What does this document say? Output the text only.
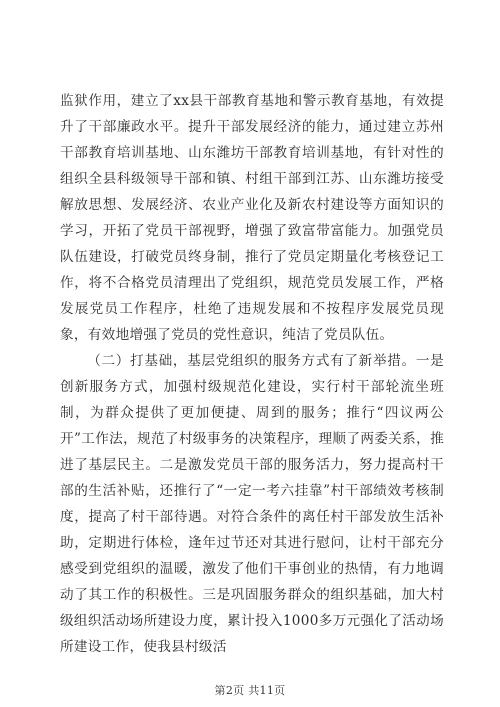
监狱作用，建立了xx县干部教育基地和警示教育基地，有效提升了干部廉政水平。提升干部发展经济的能力，通过建立苏州干部教育培训基地、山东潍坊干部教育培训基地，有针对性的组织全县科级领导干部和镇、村组干部到江苏、山东潍坊接受解放思想、发展经济、农业产业化及新农村建设等方面知识的学习，开拓了党员干部视野，增强了致富带富能力。加强党员队伍建设，打破党员终身制，推行了党员定期量化考核登记工作，将不合格党员清理出了党组织，规范党员发展工作，严格发展党员工作程序，杜绝了违规发展和不按程序发展党员现象，有效地增强了党员的党性意识，纯洁了党员队伍。

（二）打基础，基层党组织的服务方式有了新举措。一是创新服务方式，加强村级规范化建设，实行村干部轮流坐班制，为群众提供了更加便捷、周到的服务；推行“四议两公开”工作法，规范了村级事务的决策程序，理顺了两委关系，推进了基层民主。二是激发党员干部的服务活力，努力提高村干部的生活补贴，还推行了“一定一考六挂靠”村干部绩效考核制度，提高了村干部待遇。对符合条件的离任村干部发放生活补助，定期进行体检，逢年过节还对其进行慰问，让村干部充分感受到党组织的温暖，激发了他们干事创业的热情，有力地调动了其工作的积极性。三是巩固服务群众的组织基础，加大村级组织活动场所建设力度，累计投入1000多万元强化了活动场所建设工作，使我县村级活

第2页 共11页
